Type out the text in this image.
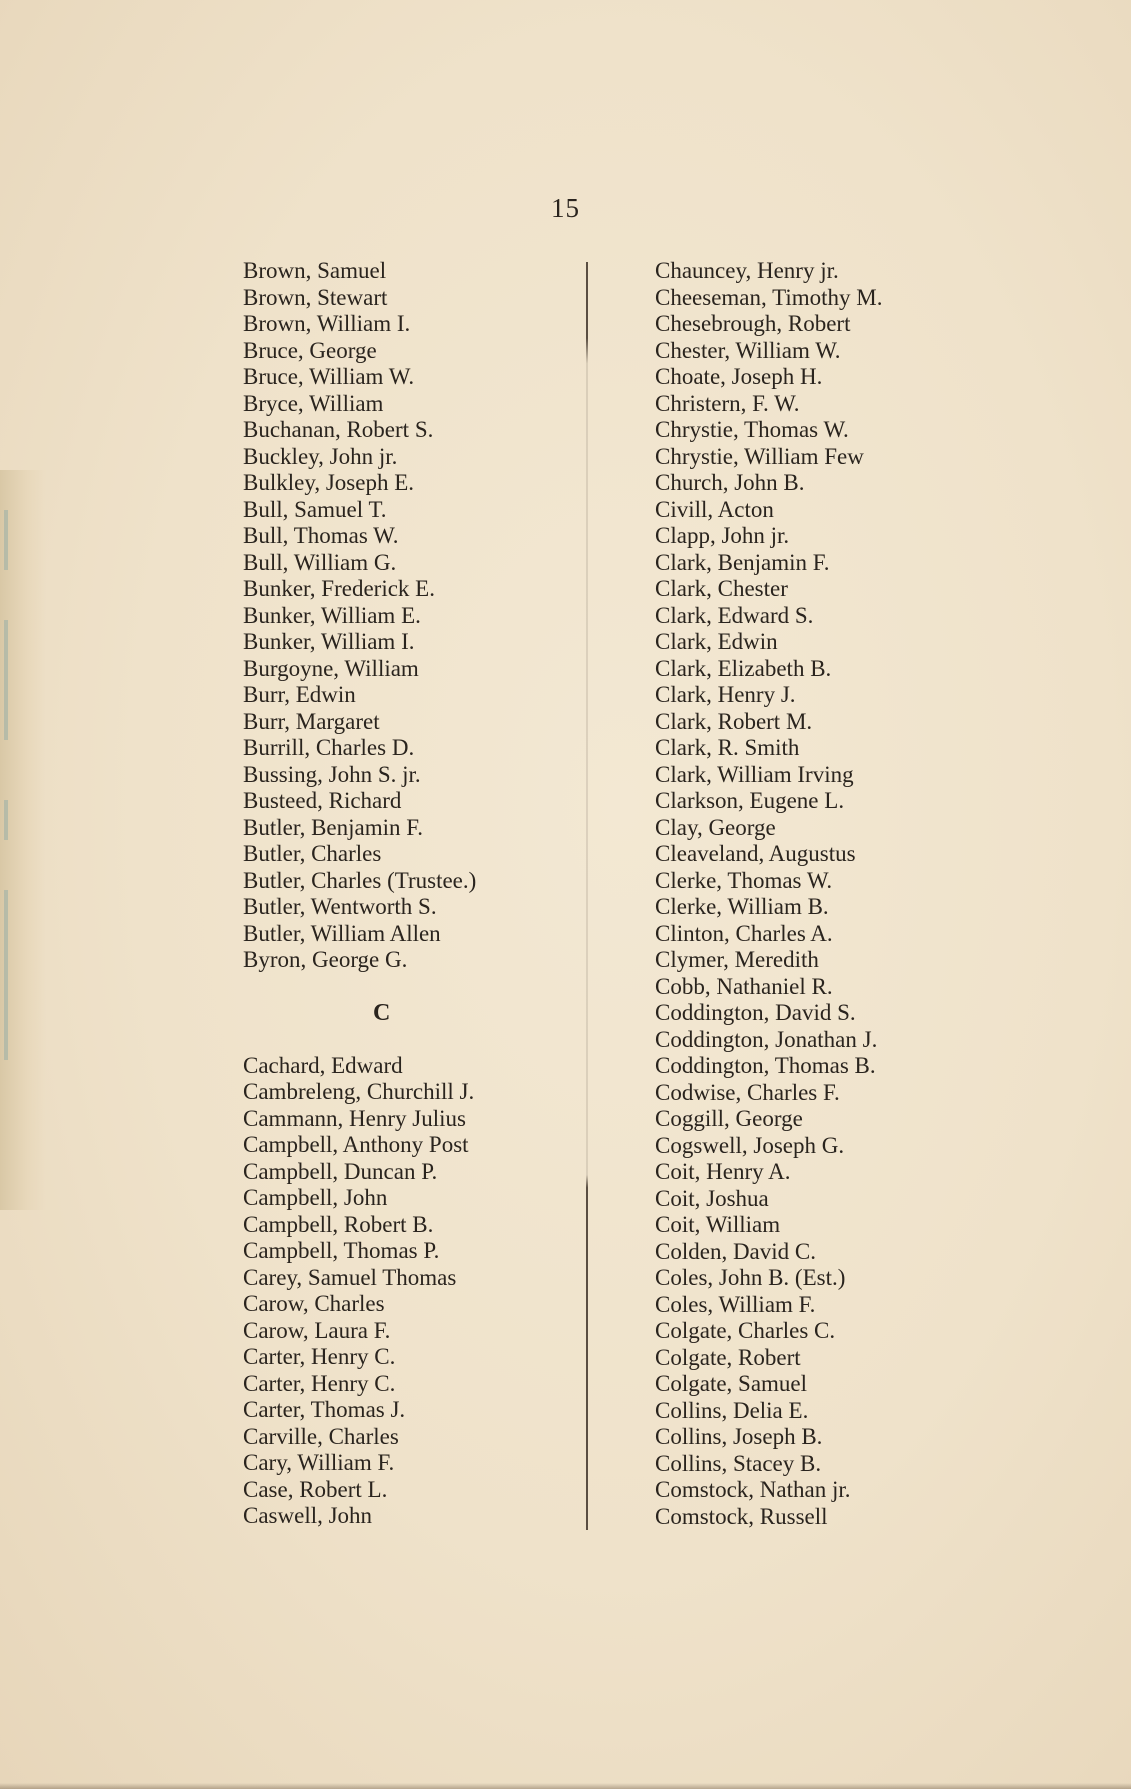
15
Brown, Samuel
Brown, Stewart
Brown, William I.
Bruce, George
Bruce, William W.
Bryce, William
Buchanan, Robert S.
Buckley, John jr.
Bulkley, Joseph E.
Bull, Samuel T.
Bull, Thomas W.
Bull, William G.
Bunker, Frederick E.
Bunker, William E.
Bunker, William I.
Burgoyne, William
Burr, Edwin
Burr, Margaret
Burrill, Charles D.
Bussing, John S. jr.
Busteed, Richard
Butler, Benjamin F.
Butler, Charles
Butler, Charles (Trustee.)
Butler, Wentworth S.
Butler, William Allen
Byron, George G.
C
Cachard, Edward
Cambreleng, Churchill J.
Cammann, Henry Julius
Campbell, Anthony Post
Campbell, Duncan P.
Campbell, John
Campbell, Robert B.
Campbell, Thomas P.
Carey, Samuel Thomas
Carow, Charles
Carow, Laura F.
Carter, Henry C.
Carter, Henry C.
Carter, Thomas J.
Carville, Charles
Cary, William F.
Case, Robert L.
Caswell, John
Chauncey, Henry jr.
Cheeseman, Timothy M.
Chesebrough, Robert
Chester, William W.
Choate, Joseph H.
Christern, F. W.
Chrystie, Thomas W.
Chrystie, William Few
Church, John B.
Civill, Acton
Clapp, John jr.
Clark, Benjamin F.
Clark, Chester
Clark, Edward S.
Clark, Edwin
Clark, Elizabeth B.
Clark, Henry J.
Clark, Robert M.
Clark, R. Smith
Clark, William Irving
Clarkson, Eugene L.
Clay, George
Cleaveland, Augustus
Clerke, Thomas W.
Clerke, William B.
Clinton, Charles A.
Clymer, Meredith
Cobb, Nathaniel R.
Coddington, David S.
Coddington, Jonathan J.
Coddington, Thomas B.
Codwise, Charles F.
Coggill, George
Cogswell, Joseph G.
Coit, Henry A.
Coit, Joshua
Coit, William
Colden, David C.
Coles, John B. (Est.)
Coles, William F.
Colgate, Charles C.
Colgate, Robert
Colgate, Samuel
Collins, Delia E.
Collins, Joseph B.
Collins, Stacey B.
Comstock, Nathan jr.
Comstock, Russell
